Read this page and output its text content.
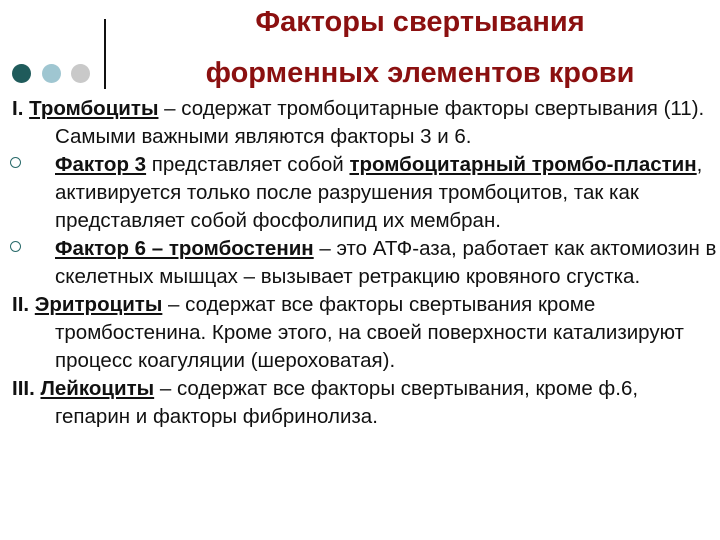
Факторы свертывания
форменных элементов крови

I. Тромбоциты – содержат тромбоцитарные факторы свертывания (11). Самыми важными являются факторы 3 и 6.

Фактор 3 представляет собой тромбоцитарный тромбо-пластин, активируется только после разрушения тромбоцитов, так как представляет собой фосфолипид их мембран.

Фактор 6 – тромбостенин – это АТФ-аза, работает как актомиозин в скелетных мышцах – вызывает ретракцию кровяного сгустка.

II. Эритроциты – содержат все факторы свертывания кроме тромбостенина. Кроме этого, на своей поверхности катализируют процесс коагуляции (шероховатая).

III. Лейкоциты – содержат все факторы свертывания, кроме ф.6, гепарин и факторы фибринолиза.
